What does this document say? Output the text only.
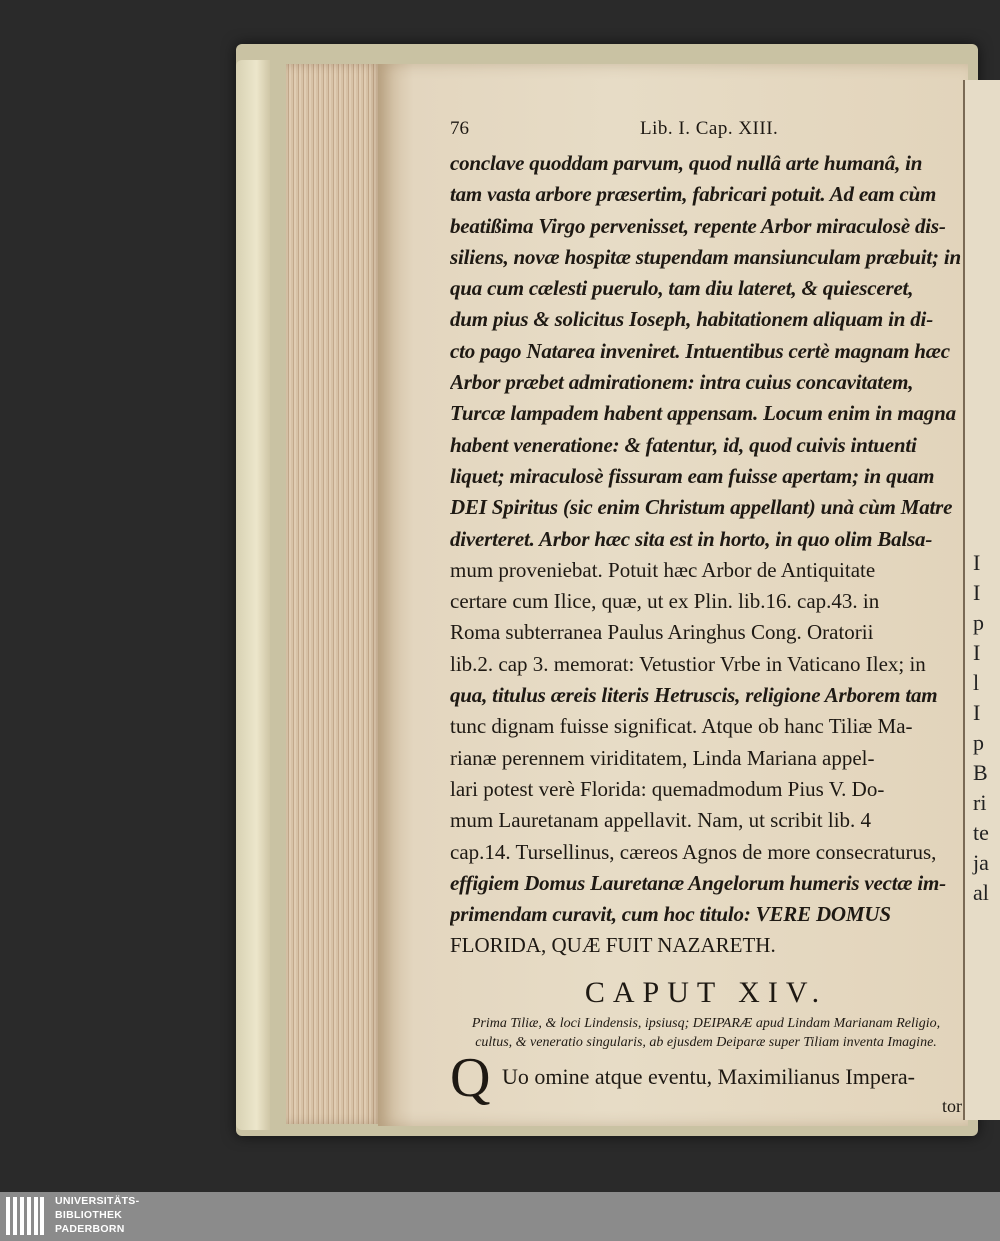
I
I
p
I
l
I
p
B
ri
te
ja
al
76	Lib. I. Cap. XIII.
conclave quoddam parvum, quod nullâ arte humanâ, in
tam vasta arbore præsertim, fabricari potuit. Ad eam cùm
beatißima Virgo pervenisset, repente Arbor miraculosè dis-
siliens, novæ hospitæ stupendam mansiunculam præbuit; in
qua cum cælesti puerulo, tam diu lateret, & quiesceret,
dum pius & solicitus Ioseph, habitationem aliquam in di-
cto pago Natarea inveniret. Intuentibus certè magnam hæc
Arbor præbet admirationem: intra cuius concavitatem,
Turcæ lampadem habent appensam. Locum enim in magna
habent veneratione: & fatentur, id, quod cuivis intuenti
liquet; miraculosè fissuram eam fuisse apertam; in quam
DEI Spiritus (sic enim Christum appellant) unà cùm Matre
diverteret. Arbor hæc sita est in horto, in quo olim Balsa-
mum proveniebat. Potuit hæc Arbor de Antiquitate
certare cum Ilice, quæ, ut ex Plin. lib.16. cap.43. in
Roma subterranea Paulus Aringhus Cong. Oratorii
lib.2. cap 3. memorat: Vetustior Vrbe in Vaticano Ilex; in
qua, titulus æreis literis Hetruscis, religione Arborem tam
tunc dignam fuisse significat. Atque ob hanc Tiliæ Ma-
rianæ perennem viriditatem, Linda Mariana appel-
lari potest verè Florida: quemadmodum Pius V. Do-
mum Lauretanam appellavit. Nam, ut scribit lib. 4
cap.14. Tursellinus, cæreos Agnos de more consecraturus,
effigiem Domus Lauretanæ Angelorum humeris vectæ im-
primendam curavit, cum hoc titulo: VERE DOMUS
FLORIDA, QUÆ FUIT NAZARETH.
CAPUT XIV.
Prima Tiliæ, & loci Lindensis, ipsiusq; DEIPARÆ apud Lindam Marianam Religio, cultus, & veneratio singularis, ab ejusdem Deiparæ super Tiliam inventa Imagine.
Q Uo omine atque eventu, Maximilianus Impera-
tor
UNIVERSITÄTS-
BIBLIOTHEK
PADERBORN
